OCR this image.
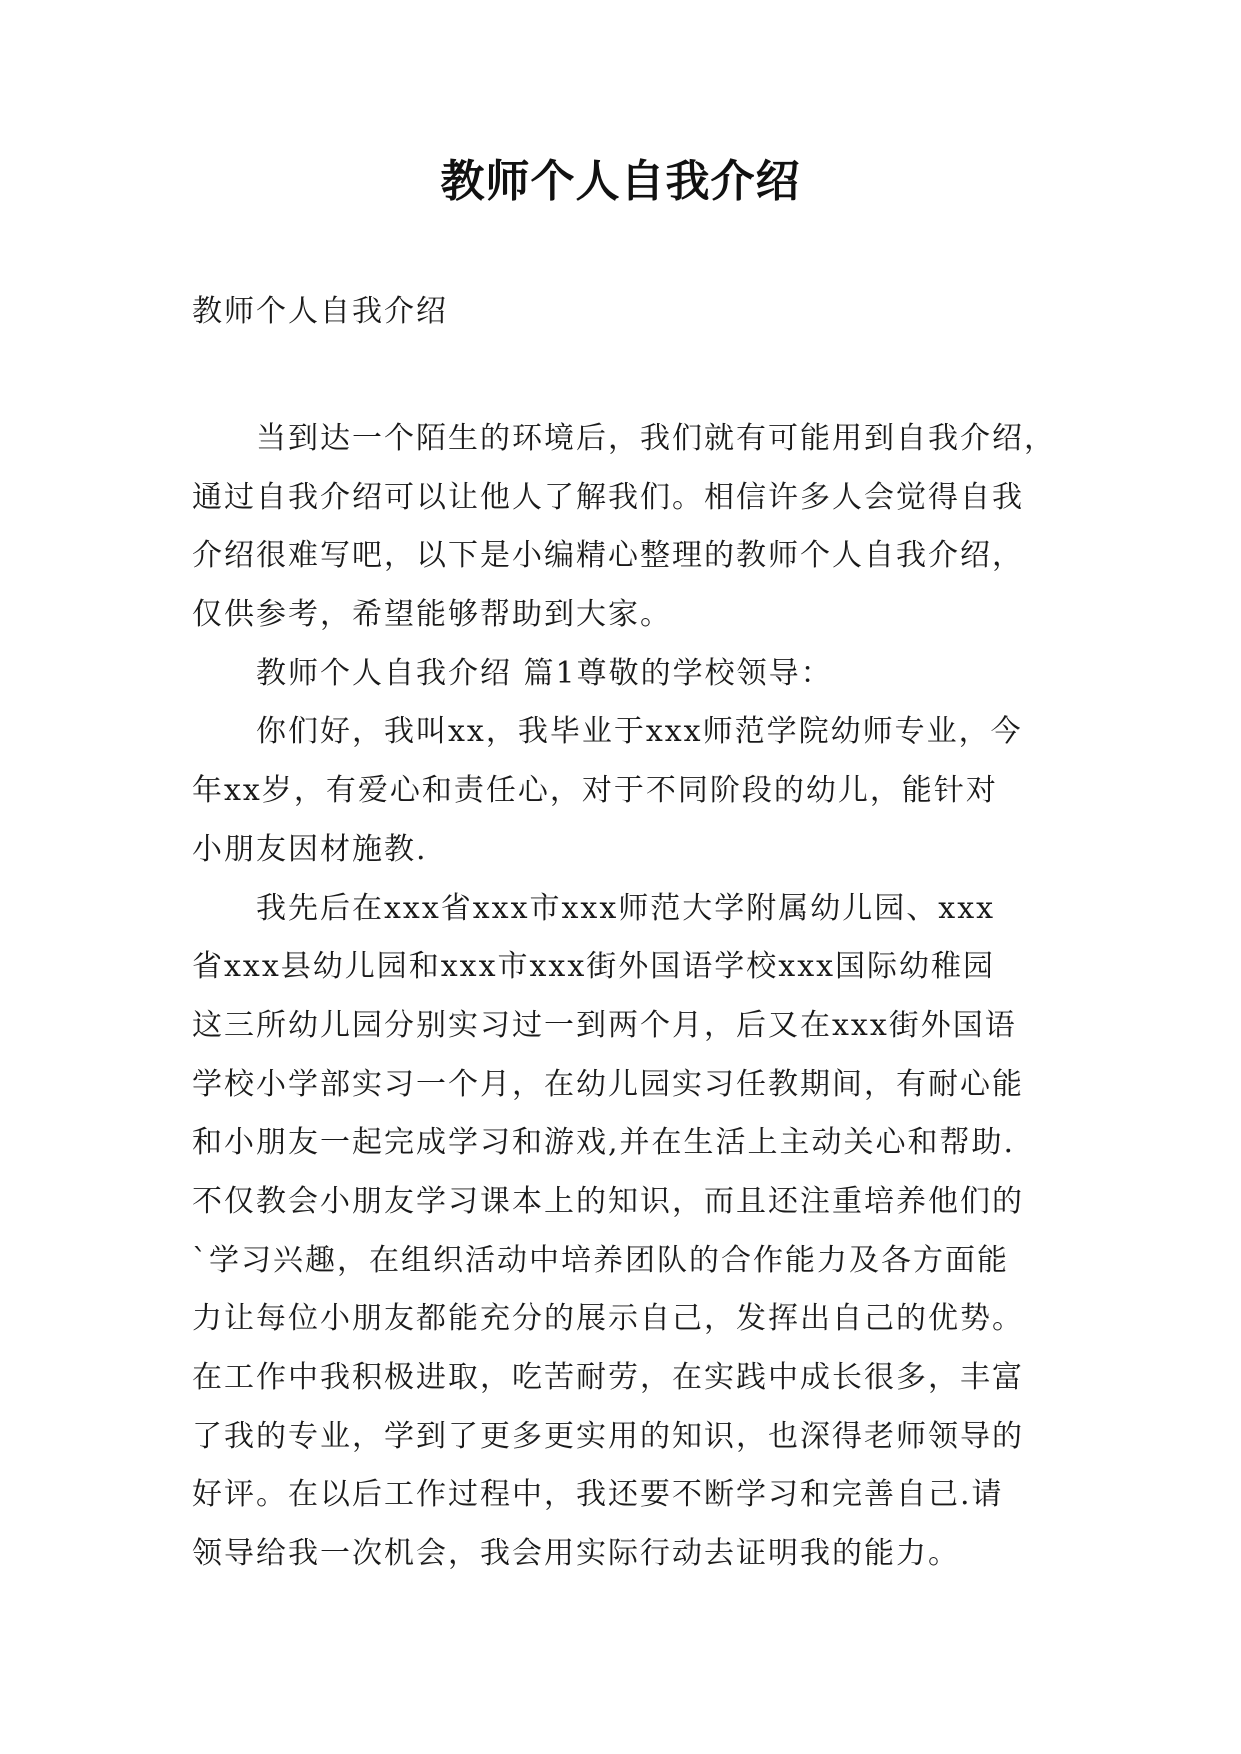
教师个人自我介绍
教师个人自我介绍
当到达一个陌生的环境后，我们就有可能用到自我介绍，
通过自我介绍可以让他人了解我们。相信许多人会觉得自我
介绍很难写吧，以下是小编精心整理的教师个人自我介绍，
仅供参考，希望能够帮助到大家。
教师个人自我介绍 篇1尊敬的学校领导：
你们好，我叫xx，我毕业于xxx师范学院幼师专业，今
年xx岁，有爱心和责任心，对于不同阶段的幼儿，能针对
小朋友因材施教.
我先后在xxx省xxx市xxx师范大学附属幼儿园、xxx
省xxx县幼儿园和xxx市xxx街外国语学校xxx国际幼稚园
这三所幼儿园分别实习过一到两个月，后又在xxx街外国语
学校小学部实习一个月，在幼儿园实习任教期间，有耐心能
和小朋友一起完成学习和游戏,并在生活上主动关心和帮助.
不仅教会小朋友学习课本上的知识，而且还注重培养他们的
`学习兴趣，在组织活动中培养团队的合作能力及各方面能
力让每位小朋友都能充分的展示自己，发挥出自己的优势。
在工作中我积极进取，吃苦耐劳，在实践中成长很多，丰富
了我的专业，学到了更多更实用的知识，也深得老师领导的
好评。在以后工作过程中，我还要不断学习和完善自己.请
领导给我一次机会，我会用实际行动去证明我的能力。
